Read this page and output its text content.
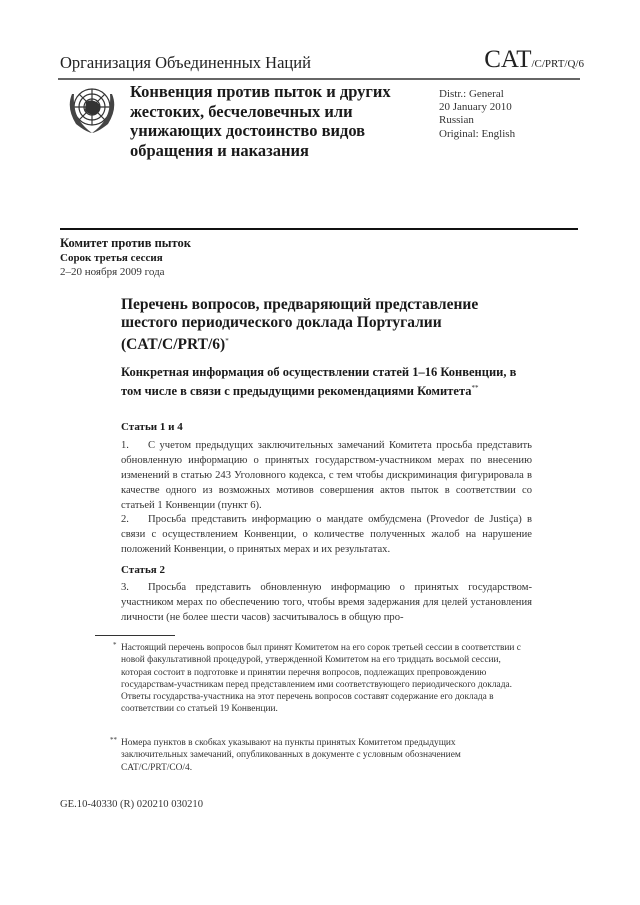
Организация Объединенных Наций	CAT/C/PRT/Q/6
Конвенция против пыток и других жестоких, бесчеловечных или унижающих достоинство видов обращения и наказания
Distr.: General
20 January 2010
Russian
Original: English
Комитет против пыток
Сорок третья сессия
2–20 ноября 2009 года
Перечень вопросов, предваряющий представление шестого периодического доклада Португалии (CAT/C/PRT/6)*
Конкретная информация об осуществлении статей 1–16 Конвенции, в том числе в связи с предыдущими рекомендациями Комитета**
Статьи 1 и 4
1. С учетом предыдущих заключительных замечаний Комитета просьба представить обновленную информацию о принятых государством-участником мерах по внесению изменений в статью 243 Уголовного кодекса, с тем чтобы дискриминация фигурировала в качестве одного из возможных мотивов совершения актов пыток в соответствии со статьей 1 Конвенции (пункт 6).
2. Просьба представить информацию о мандате омбудсмена (Provedor de Justiça) в связи с осуществлением Конвенции, о количестве полученных жалоб на нарушение положений Конвенции, о принятых мерах и их результатах.
Статья 2
3. Просьба представить обновленную информацию о принятых государством-участником мерах по обеспечению того, чтобы время задержания для целей установления личности (не более шести часов) засчитывалось в общую про-
* Настоящий перечень вопросов был принят Комитетом на его сорок третьей сессии в соответствии с новой факультативной процедурой, утвержденной Комитетом на его тридцать восьмой сессии, которая состоит в подготовке и принятии перечня вопросов, подлежащих препровождению государствам-участникам перед представлением ими соответствующего периодического доклада. Ответы государства-участника на этот перечень вопросов составят содержание его доклада в соответствии со статьей 19 Конвенции.
** Номера пунктов в скобках указывают на пункты принятых Комитетом предыдущих заключительных замечаний, опубликованных в документе с условным обозначением CAT/C/PRT/CO/4.
GE.10-40330 (R) 020210 030210
